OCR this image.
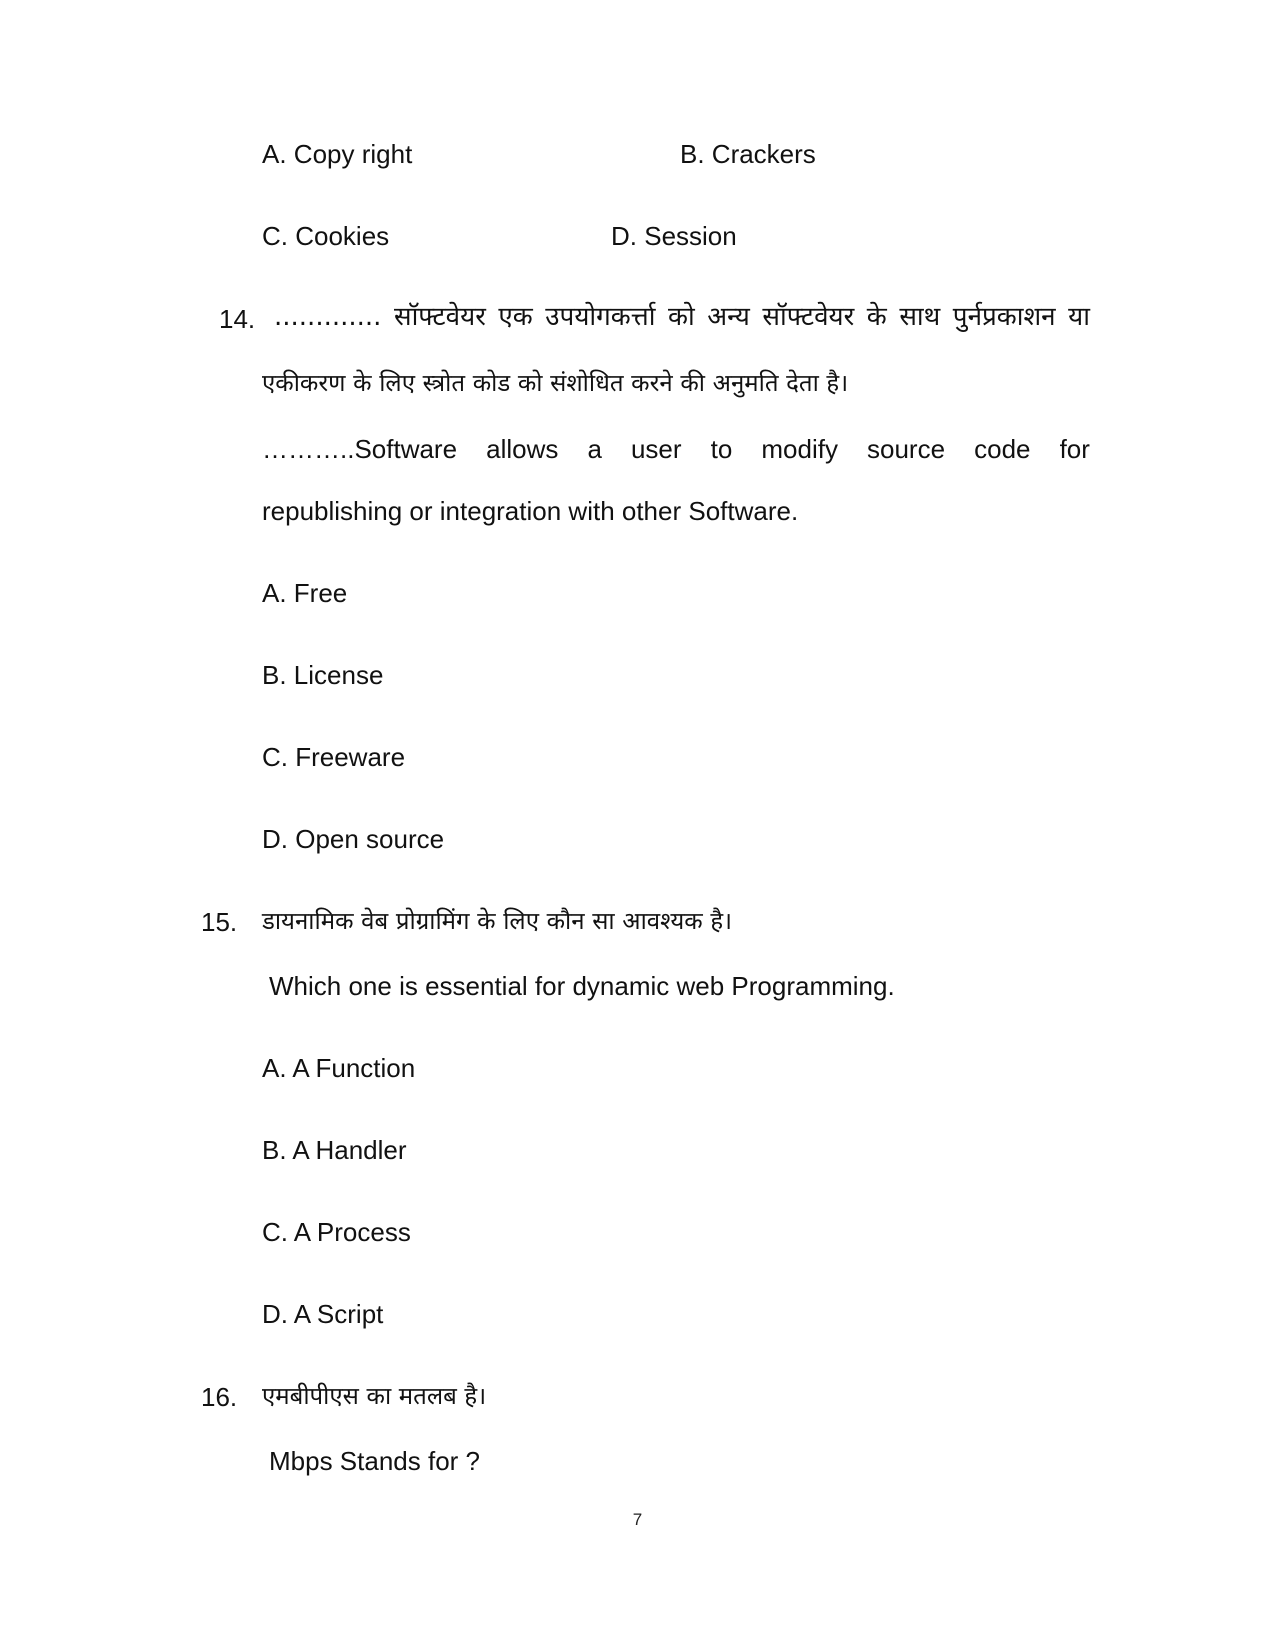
A. Copy right	B. Crackers
C. Cookies	D. Session
14. ............. सॉफ्टवेयर एक उपयोगकर्त्ता को अन्य सॉफ्टवेयर के साथ पुर्नप्रकाशन या
एकीकरण के लिए स्त्रोत कोड को संशोधित करने की अनुमति देता है।
………..Software allows a user to modify source code for
republishing or integration with other Software.
A. Free
B. License
C. Freeware
D. Open source
15. डायनामिक वेब प्रोग्रामिंग के लिए कौन सा आवश्यक है।
Which one is essential for dynamic web Programming.
A. A Function
B. A Handler
C. A Process
D. A Script
16. एमबीपीएस का मतलब है।
Mbps Stands for ?
7
